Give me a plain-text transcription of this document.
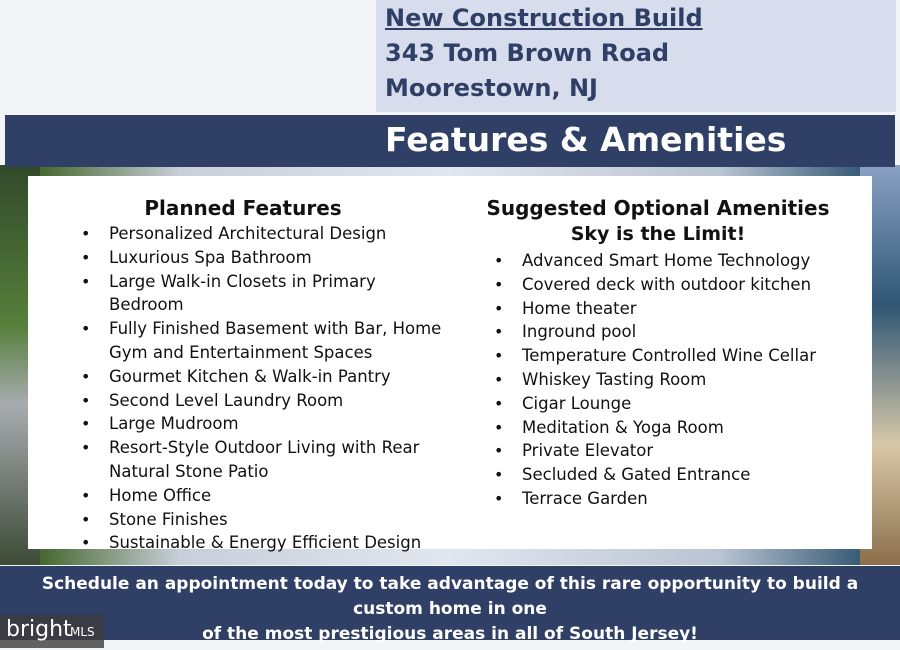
New Construction Build
343 Tom Brown Road
Moorestown, NJ
Features & Amenities
Planned Features
• Personalized Architectural Design
• Luxurious Spa Bathroom
• Large Walk-in Closets in Primary Bedroom
• Fully Finished Basement with Bar, Home Gym and Entertainment Spaces
• Gourmet Kitchen & Walk-in Pantry
• Second Level Laundry Room
• Large Mudroom
• Resort-Style Outdoor Living with Rear Natural Stone Patio
• Home Office
• Stone Finishes
• Sustainable & Energy Efficient Design
Suggested Optional Amenities
Sky is the Limit!
• Advanced Smart Home Technology
• Covered deck with outdoor kitchen
• Home theater
• Inground pool
• Temperature Controlled Wine Cellar
• Whiskey Tasting Room
• Cigar Lounge
• Meditation & Yoga Room
• Private Elevator
• Secluded & Gated Entrance
• Terrace Garden
Schedule an appointment today to take advantage of this rare opportunity to build a custom home in one
of the most prestigious areas in all of South Jersey!
bright
MLS
